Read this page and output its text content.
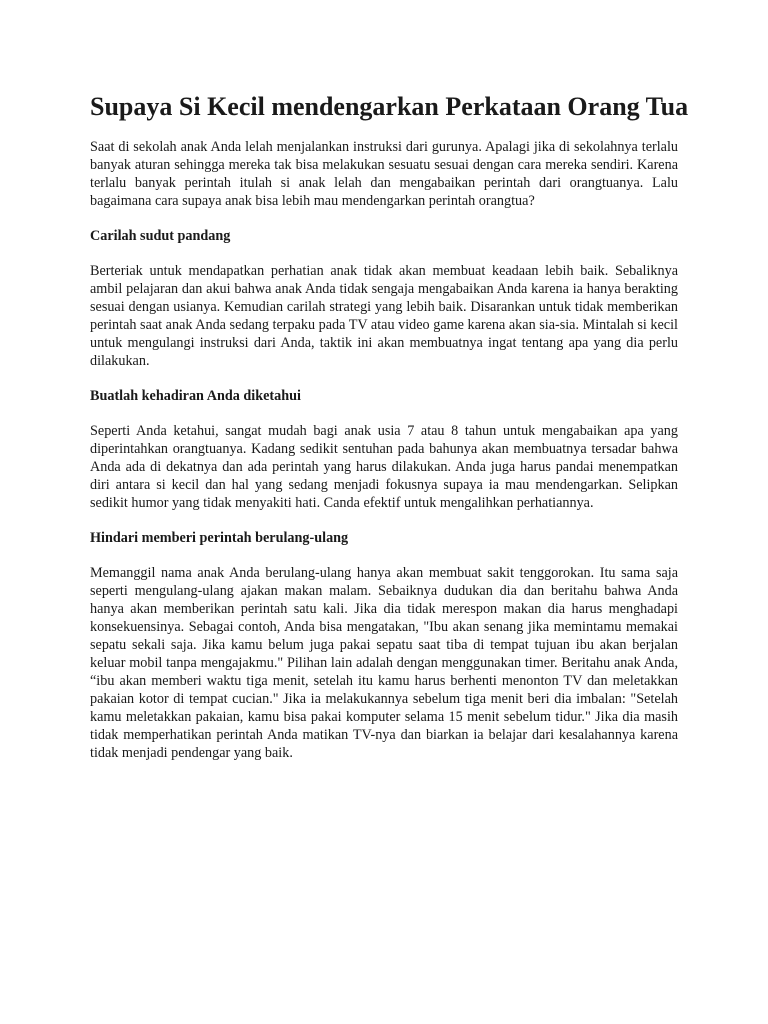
Supaya Si Kecil mendengarkan Perkataan Orang Tua

Saat di sekolah anak Anda lelah menjalankan instruksi dari gurunya. Apalagi jika di sekolahnya terlalu banyak aturan sehingga mereka tak bisa melakukan sesuatu sesuai dengan cara mereka sendiri. Karena terlalu banyak perintah itulah si anak lelah dan mengabaikan perintah dari orangtuanya. Lalu bagaimana cara supaya anak bisa lebih mau mendengarkan perintah orangtua?

Carilah sudut pandang

Berteriak untuk mendapatkan perhatian anak tidak akan membuat keadaan lebih baik. Sebaliknya ambil pelajaran dan akui bahwa anak Anda tidak sengaja mengabaikan Anda karena ia hanya berakting sesuai dengan usianya. Kemudian carilah strategi yang lebih baik. Disarankan untuk tidak memberikan perintah saat anak Anda sedang terpaku pada TV atau video game karena akan sia-sia. Mintalah si kecil untuk mengulangi instruksi dari Anda, taktik ini akan membuatnya ingat tentang apa yang dia perlu dilakukan.

Buatlah kehadiran Anda diketahui

Seperti Anda ketahui, sangat mudah bagi anak usia 7 atau 8 tahun untuk mengabaikan apa yang diperintahkan orangtuanya. Kadang sedikit sentuhan pada bahunya akan membuatnya tersadar bahwa Anda ada di dekatnya dan ada perintah yang harus dilakukan. Anda juga harus pandai menempatkan diri antara si kecil dan hal yang sedang menjadi fokusnya supaya ia mau mendengarkan. Selipkan sedikit humor yang tidak menyakiti hati. Canda efektif untuk mengalihkan perhatiannya.

Hindari memberi perintah berulang-ulang

Memanggil nama anak Anda berulang-ulang hanya akan membuat sakit tenggorokan. Itu sama saja seperti mengulang-ulang ajakan makan malam. Sebaiknya dudukan dia dan beritahu bahwa Anda hanya akan memberikan perintah satu kali. Jika dia tidak merespon makan dia harus menghadapi konsekuensinya. Sebagai contoh, Anda bisa mengatakan, "Ibu akan senang jika memintamu memakai sepatu sekali saja. Jika kamu belum juga pakai sepatu saat tiba di tempat tujuan ibu akan berjalan keluar mobil tanpa mengajakmu." Pilihan lain adalah dengan menggunakan timer. Beritahu anak Anda, “ibu akan memberi waktu tiga menit, setelah itu kamu harus berhenti menonton TV dan meletakkan pakaian kotor di tempat cucian." Jika ia melakukannya sebelum tiga menit beri dia imbalan: "Setelah kamu meletakkan pakaian, kamu bisa pakai komputer selama 15 menit sebelum tidur." Jika dia masih tidak memperhatikan perintah Anda matikan TV-nya dan biarkan ia belajar dari kesalahannya karena tidak menjadi pendengar yang baik.
